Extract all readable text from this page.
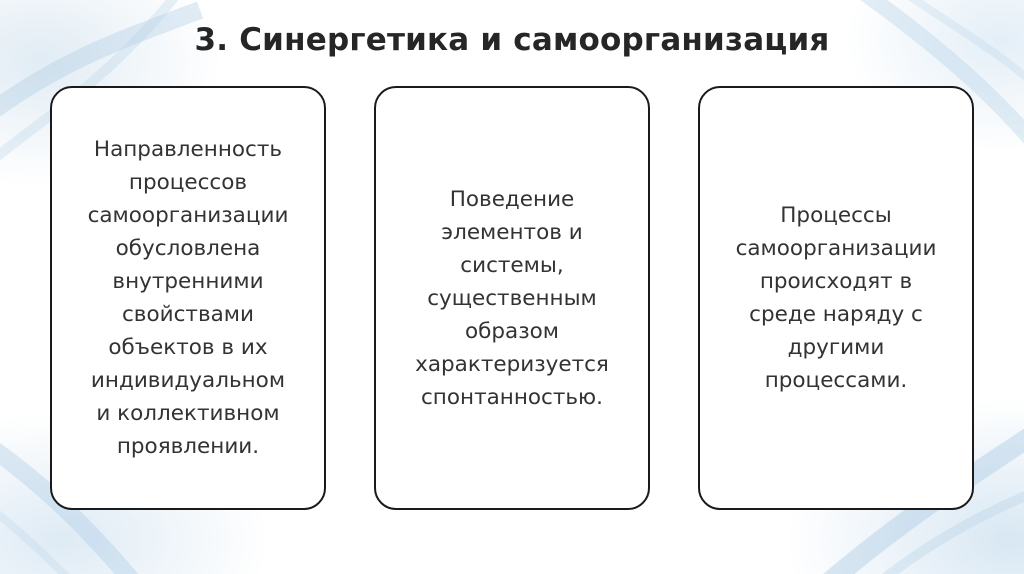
3. Синергетика и самоорганизация
Направленность
процессов
самоорганизации
обусловлена
внутренними
свойствами
объектов в их
индивидуальном
и коллективном
проявлении.
Поведение
элементов и
системы,
существенным
образом
характеризуется
спонтанностью.
Процессы
самоорганизации
происходят в
среде наряду с
другими
процессами.
